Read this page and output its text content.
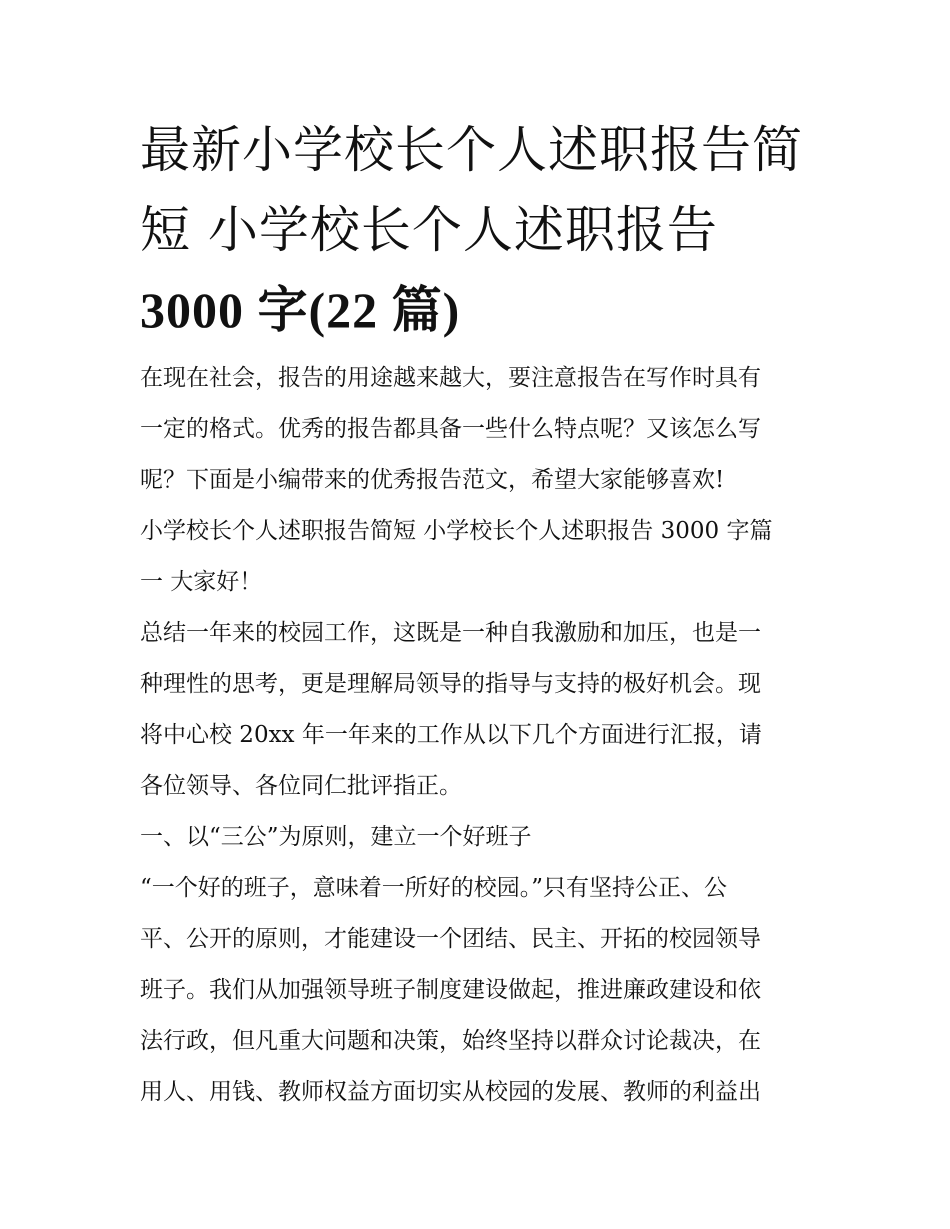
最新小学校长个人述职报告简
短 小学校长个人述职报告
3000 字(22 篇)
在现在社会，报告的用途越来越大，要注意报告在写作时具有
一定的格式。优秀的报告都具备一些什么特点呢？又该怎么写
呢？下面是小编带来的优秀报告范文，希望大家能够喜欢!
小学校长个人述职报告简短 小学校长个人述职报告 3000 字篇
一 大家好！
总结一年来的校园工作，这既是一种自我激励和加压，也是一
种理性的思考，更是理解局领导的指导与支持的极好机会。现
将中心校 20xx 年一年来的工作从以下几个方面进行汇报，请
各位领导、各位同仁批评指正。
一、以“三公”为原则，建立一个好班子
“一个好的班子，意味着一所好的校园。”只有坚持公正、公
平、公开的原则，才能建设一个团结、民主、开拓的校园领导
班子。我们从加强领导班子制度建设做起，推进廉政建设和依
法行政，但凡重大问题和决策，始终坚持以群众讨论裁决，在
用人、用钱、教师权益方面切实从校园的发展、教师的利益出
